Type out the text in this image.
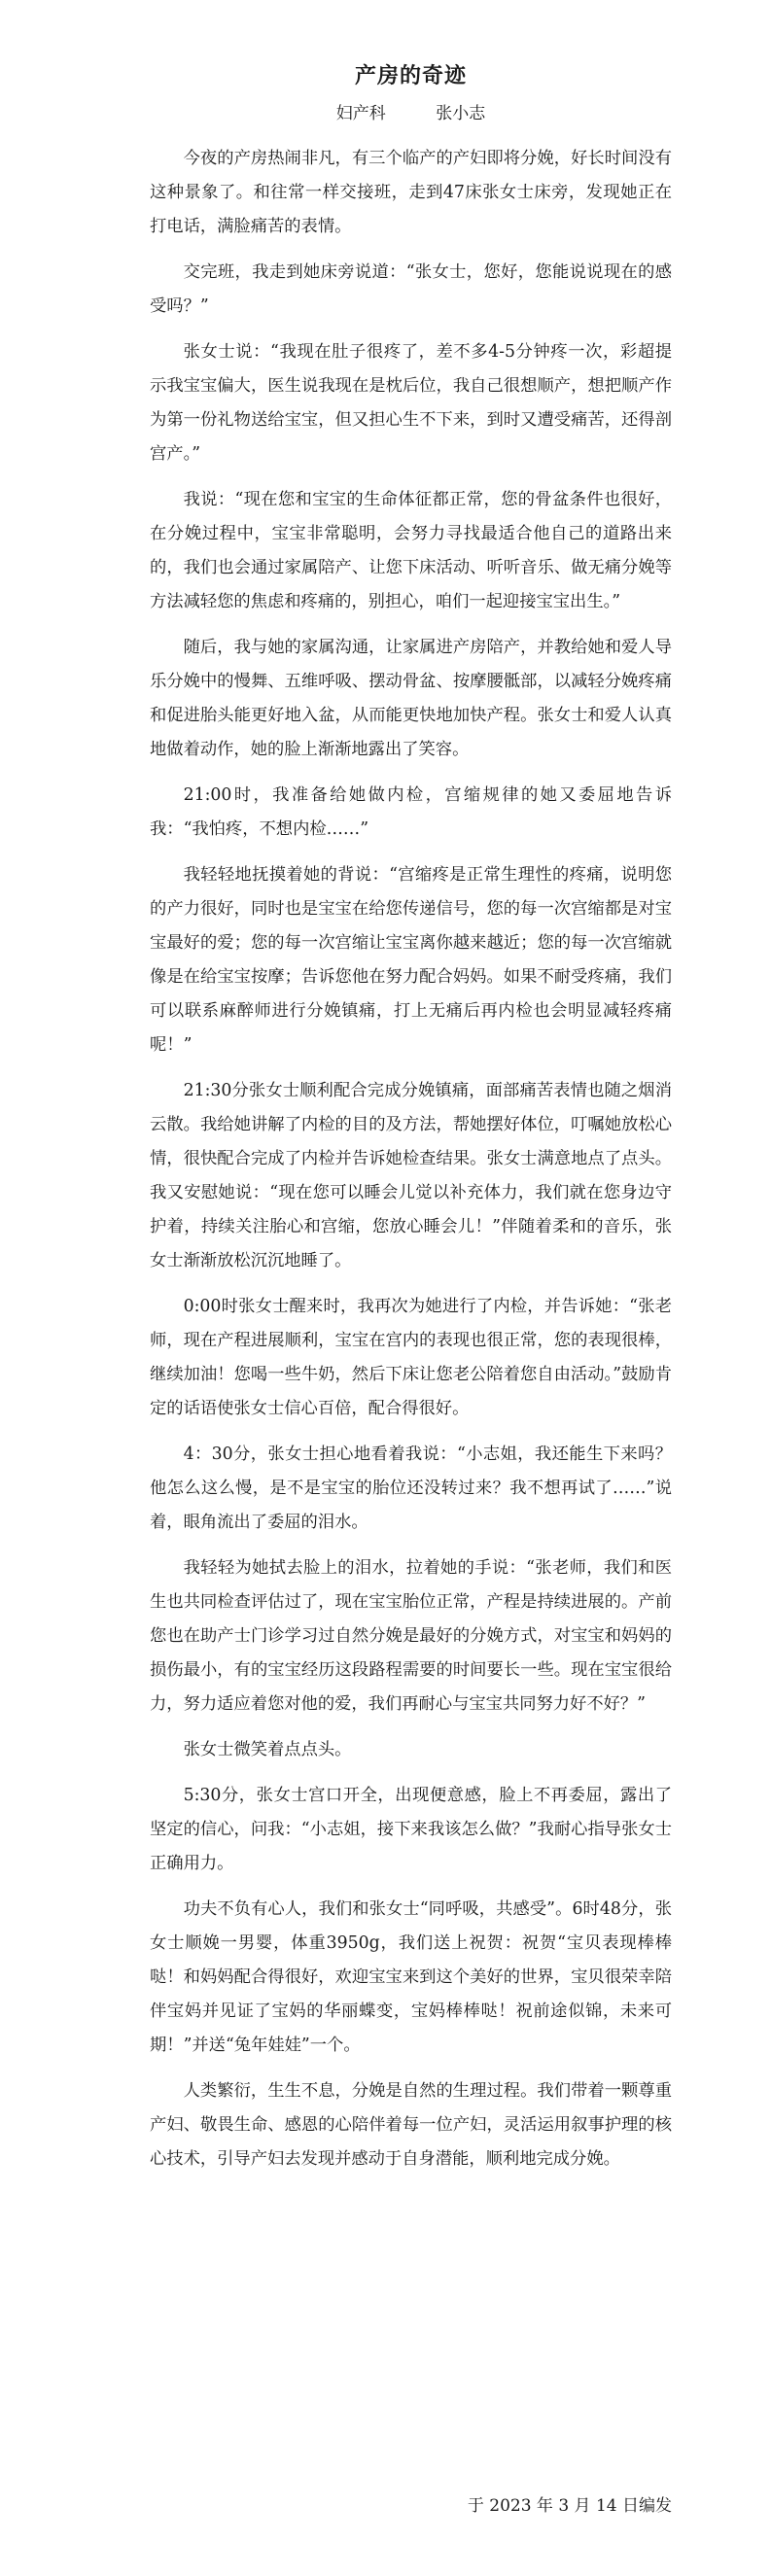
产房的奇迹
妇产科	张小志

今夜的产房热闹非凡，有三个临产的产妇即将分娩，好长时间没有这种景象了。和往常一样交接班，走到47床张女士床旁，发现她正在打电话，满脸痛苦的表情。

交完班，我走到她床旁说道：“张女士，您好，您能说说现在的感受吗？”

张女士说：“我现在肚子很疼了，差不多4-5分钟疼一次，彩超提示我宝宝偏大，医生说我现在是枕后位，我自己很想顺产，想把顺产作为第一份礼物送给宝宝，但又担心生不下来，到时又遭受痛苦，还得剖宫产。”

我说：“现在您和宝宝的生命体征都正常，您的骨盆条件也很好，在分娩过程中，宝宝非常聪明，会努力寻找最适合他自己的道路出来的，我们也会通过家属陪产、让您下床活动、听听音乐、做无痛分娩等方法减轻您的焦虑和疼痛的，别担心，咱们一起迎接宝宝出生。”

随后，我与她的家属沟通，让家属进产房陪产，并教给她和爱人导乐分娩中的慢舞、五维呼吸、摆动骨盆、按摩腰骶部，以减轻分娩疼痛和促进胎头能更好地入盆，从而能更快地加快产程。张女士和爱人认真地做着动作，她的脸上渐渐地露出了笑容。

21:00时，我准备给她做内检，宫缩规律的她又委屈地告诉我：“我怕疼，不想内检……”

我轻轻地抚摸着她的背说：“宫缩疼是正常生理性的疼痛，说明您的产力很好，同时也是宝宝在给您传递信号，您的每一次宫缩都是对宝宝最好的爱；您的每一次宫缩让宝宝离你越来越近；您的每一次宫缩就像是在给宝宝按摩；告诉您他在努力配合妈妈。如果不耐受疼痛，我们可以联系麻醉师进行分娩镇痛，打上无痛后再内检也会明显减轻疼痛呢！”

21:30分张女士顺利配合完成分娩镇痛，面部痛苦表情也随之烟消云散。我给她讲解了内检的目的及方法，帮她摆好体位，叮嘱她放松心情，很快配合完成了内检并告诉她检查结果。张女士满意地点了点头。我又安慰她说：“现在您可以睡会儿觉以补充体力，我们就在您身边守护着，持续关注胎心和宫缩，您放心睡会儿！”伴随着柔和的音乐，张女士渐渐放松沉沉地睡了。

0:00时张女士醒来时，我再次为她进行了内检，并告诉她：“张老师，现在产程进展顺利，宝宝在宫内的表现也很正常，您的表现很棒，继续加油！您喝一些牛奶，然后下床让您老公陪着您自由活动。”鼓励肯定的话语使张女士信心百倍，配合得很好。

4：30分，张女士担心地看着我说：“小志姐，我还能生下来吗？他怎么这么慢，是不是宝宝的胎位还没转过来？我不想再试了……”说着，眼角流出了委屈的泪水。

我轻轻为她拭去脸上的泪水，拉着她的手说：“张老师，我们和医生也共同检查评估过了，现在宝宝胎位正常，产程是持续进展的。产前您也在助产士门诊学习过自然分娩是最好的分娩方式，对宝宝和妈妈的损伤最小，有的宝宝经历这段路程需要的时间要长一些。现在宝宝很给力，努力适应着您对他的爱，我们再耐心与宝宝共同努力好不好？”

张女士微笑着点点头。

5:30分，张女士宫口开全，出现便意感，脸上不再委屈，露出了坚定的信心，问我：“小志姐，接下来我该怎么做？”我耐心指导张女士正确用力。

功夫不负有心人，我们和张女士“同呼吸，共感受”。6时48分，张女士顺娩一男婴，体重3950g，我们送上祝贺：祝贺“宝贝表现棒棒哒！和妈妈配合得很好，欢迎宝宝来到这个美好的世界，宝贝很荣幸陪伴宝妈并见证了宝妈的华丽蝶变，宝妈棒棒哒！祝前途似锦，未来可期！”并送“兔年娃娃”一个。

人类繁衍，生生不息，分娩是自然的生理过程。我们带着一颗尊重产妇、敬畏生命、感恩的心陪伴着每一位产妇，灵活运用叙事护理的核心技术，引导产妇去发现并感动于自身潜能，顺利地完成分娩。

于 2023 年 3 月 14 日编发
